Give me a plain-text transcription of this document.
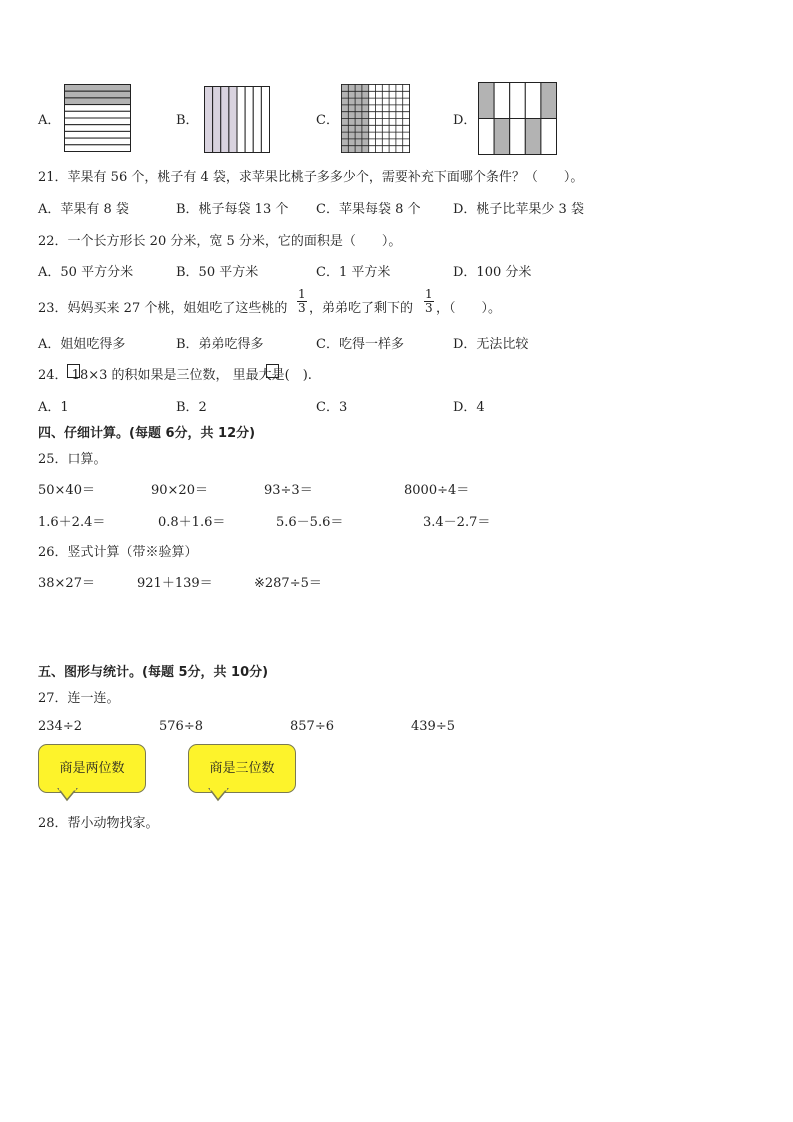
A．	B．	C．	D．
21．苹果有 56 个，桃子有 4 袋，求苹果比桃子多多少个，需要补充下面哪个条件？（　　）。
A．苹果有 8 袋	B．桃子每袋 13 个 C．苹果每袋 8 个	D．桃子比苹果少 3 袋
22．一个长方形长 20 分米，宽 5 分米，它的面积是（　　）。
A．50 平方分米	B．50 平方米	C．1 平方米	D．100 分米
23．妈妈买来 27 个桃，姐姐吃了这些桃的 $\frac{1}{3}$ ，弟弟吃了剩下的 $\frac{1}{3}$ ，（　　）。
A．姐姐吃得多	B．弟弟吃得多	C．吃得一样多	D．无法比较
24． 18×3 的积如果是三位数， 里最大是(　).
A．1	B．2	C．3	D．4
四、仔细计算。(每题 6分，共 12分)
25．口算。
50×40＝	90×20＝	93÷3＝	8000÷4＝
1.6＋2.4＝	0.8＋1.6＝	5.6－5.6＝	3.4－2.7＝
26．竖式计算（带※验算）
38×27＝	921＋139＝	※287÷5＝
五、图形与统计。(每题 5分，共 10分)
27．连一连。
234÷2	576÷8	857÷6	439÷5
商是两位数	商是三位数
28．帮小动物找家。
